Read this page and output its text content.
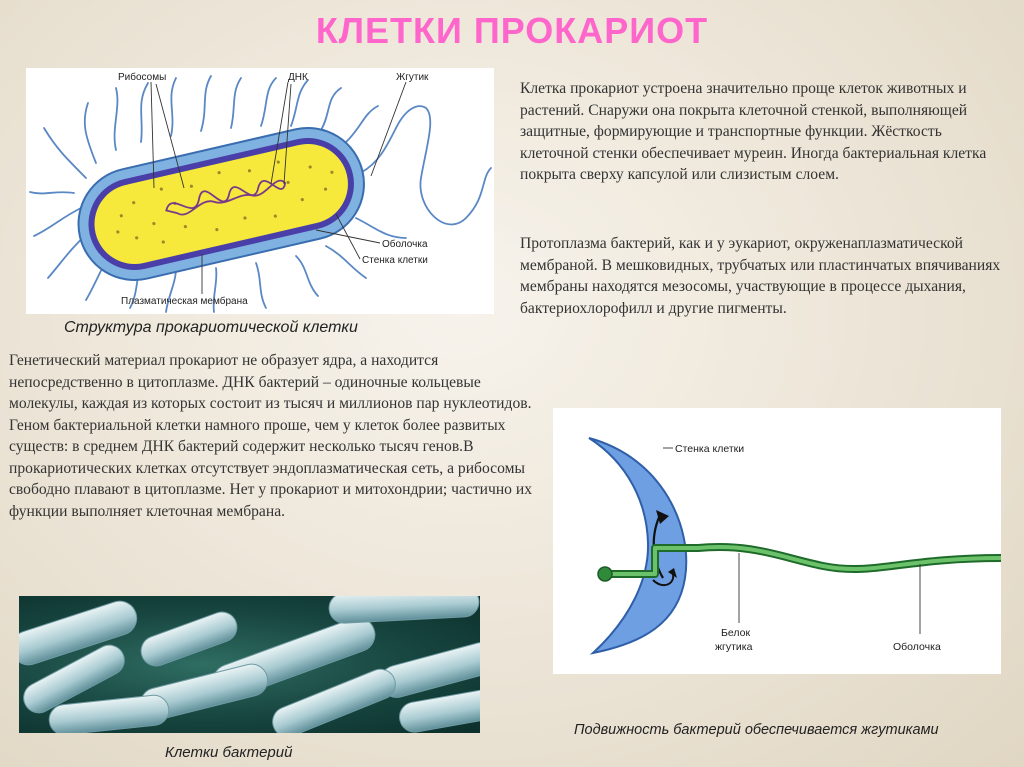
КЛЕТКИ ПРОКАРИОТ
Рибосомы	ДНК	Жгутик
Оболочка
Стенка клетки
Плазматическая мембрана
Структура прокариотической клетки
Клетка прокариот устроена значительно проще клеток животных и растений. Снаружи она покрыта клеточной стенкой, выполняющей защитные, формирующие и транспортные функции. Жёсткость клеточной стенки обеспечивает муреин. Иногда бактериальная клетка покрыта сверху капсулой или слизистым слоем.
Протоплазма бактерий, как и у эукариот, окруженаплазматической мембраной. В мешковидных, трубчатых или пластинчатых впячиваниях мембраны находятся мезосомы, участвующие в процессе дыхания, бактериохлорофилл и другие пигменты.
Генетический материал прокариот не образует ядра, а находится непосредственно в цитоплазме. ДНК бактерий – одиночные кольцевые молекулы, каждая из которых состоит из тысяч и миллионов пар нуклеотидов. Геном бактериальной клетки намного проше, чем у клеток более развитых существ: в среднем ДНК бактерий содержит несколько тысяч генов.В прокариотических клетках отсутствует эндоплазматическая сеть, а рибосомы свободно плавают в цитоплазме. Нет у прокариот и митохондрии; частично их функции выполняет клеточная мембрана.
Стенка клетки
Белок
жгутика	Оболочка
Подвижность бактерий обеспечивается жгутиками
Клетки бактерий
